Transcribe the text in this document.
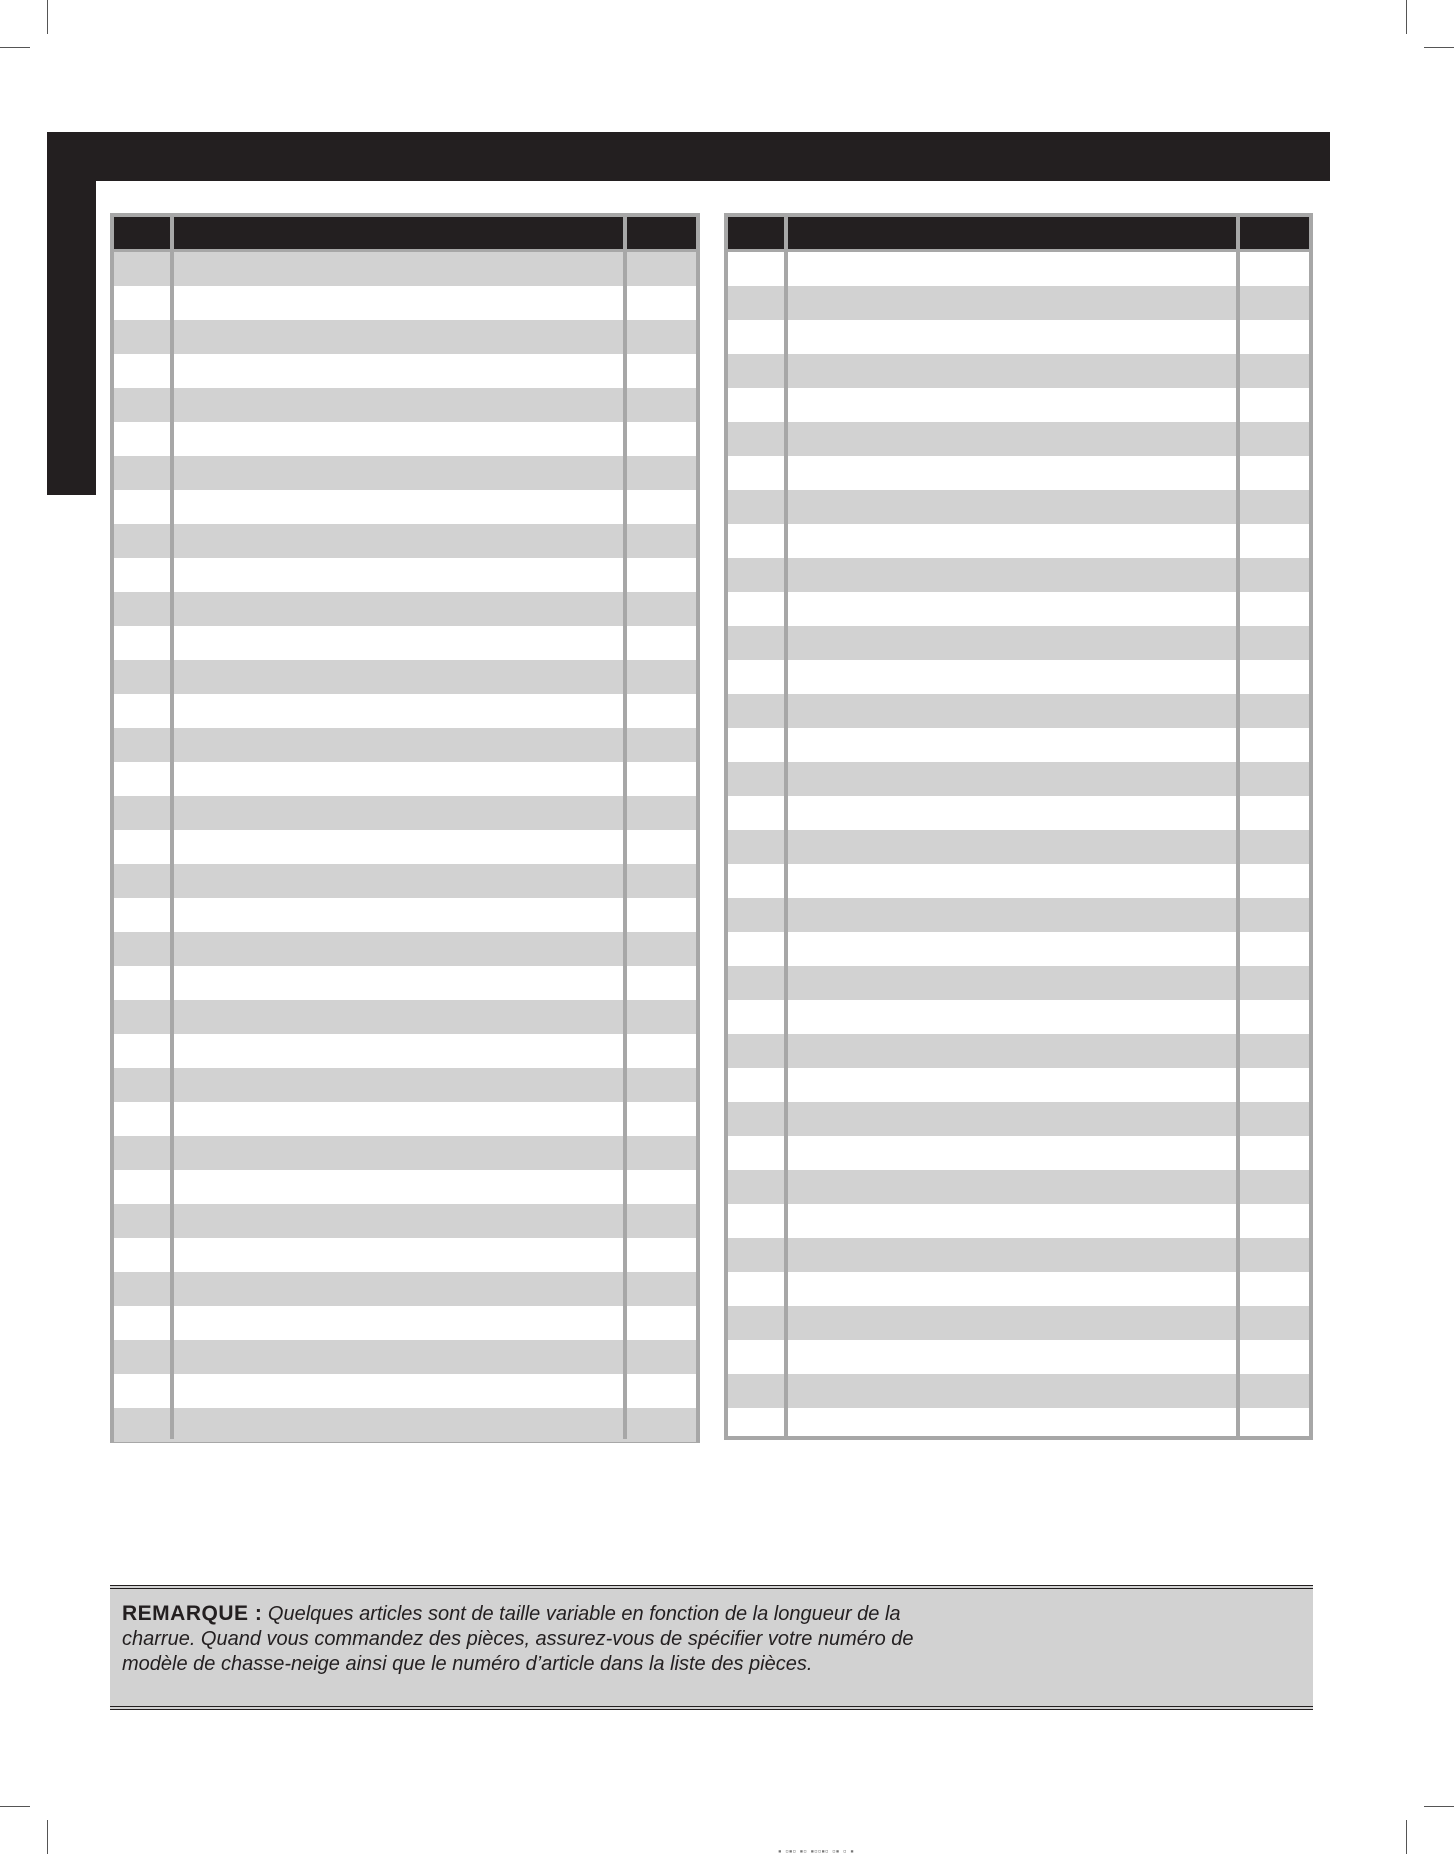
REMARQUE : Quelques articles sont de taille variable en fonction de la longueur de la charrue. Quand vous commandez des pièces, assurez-vous de spécifier votre numéro de modèle de chasse-neige ainsi que le numéro d’article dans la liste des pièces.

▪ ▫▪▫ ▪▫ ▪▫▫▪▫ ▫▪ ▫ ▪
